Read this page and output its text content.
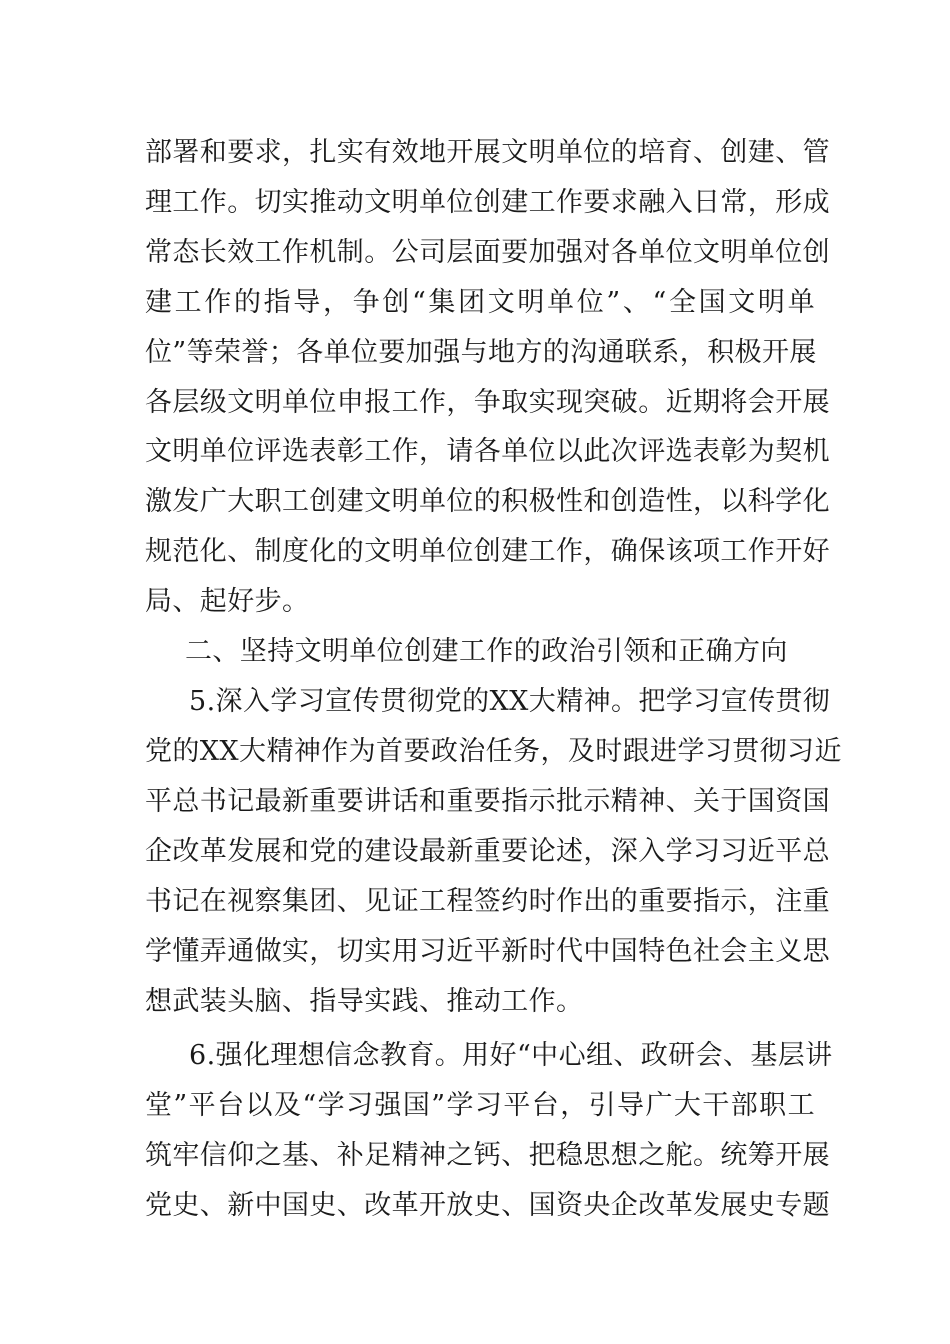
部署和要求，扎实有效地开展文明单位的培育、创建、管
理工作。切实推动文明单位创建工作要求融入日常，形成
常态长效工作机制。公司层面要加强对各单位文明单位创
建工作的指导，争创“集团文明单位”、“全国文明单
位”等荣誉；各单位要加强与地方的沟通联系，积极开展
各层级文明单位申报工作，争取实现突破。近期将会开展
文明单位评选表彰工作，请各单位以此次评选表彰为契机
激发广大职工创建文明单位的积极性和创造性，以科学化
规范化、制度化的文明单位创建工作，确保该项工作开好
局、起好步。
二、坚持文明单位创建工作的政治引领和正确方向
5.深入学习宣传贯彻党的XX大精神。把学习宣传贯彻
党的XX大精神作为首要政治任务，及时跟进学习贯彻习近
平总书记最新重要讲话和重要指示批示精神、关于国资国
企改革发展和党的建设最新重要论述，深入学习习近平总
书记在视察集团、见证工程签约时作出的重要指示，注重
学懂弄通做实，切实用习近平新时代中国特色社会主义思
想武装头脑、指导实践、推动工作。
6.强化理想信念教育。用好“中心组、政研会、基层讲
堂”平台以及“学习强国”学习平台，引导广大干部职工
筑牢信仰之基、补足精神之钙、把稳思想之舵。统筹开展
党史、新中国史、改革开放史、国资央企改革发展史专题
